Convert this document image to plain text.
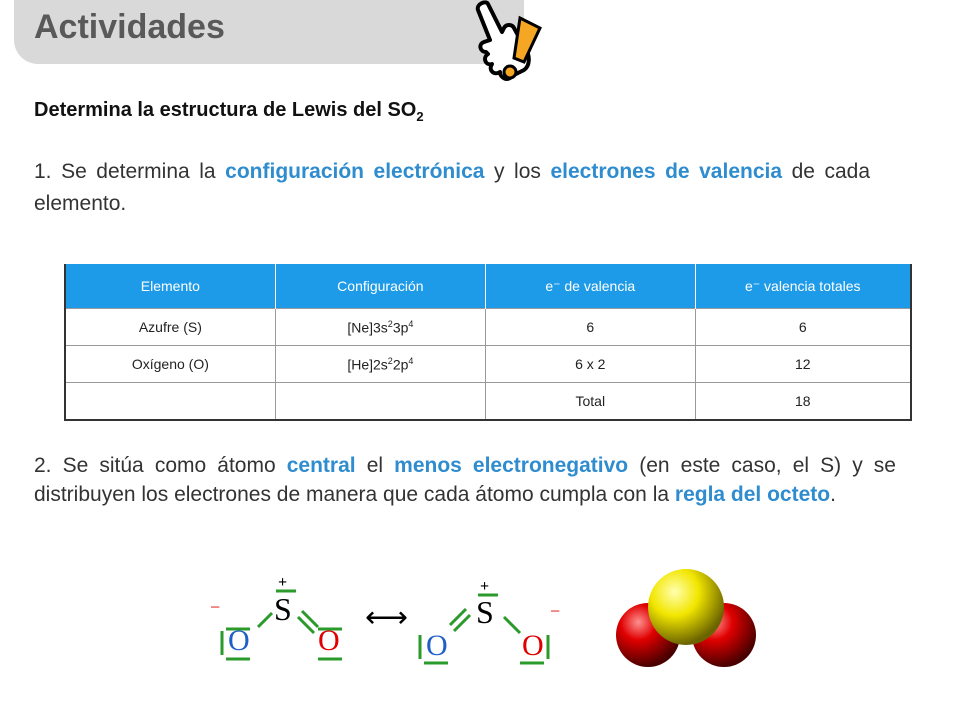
Actividades
Determina la estructura de Lewis del $SO_2$
1. Se determina la configuración electrónica y los electrones de valencia de cada elemento.
Elemento	Configuración	e⁻ de valencia	e⁻ valencia totales
Azufre (S)	$[Ne]3s^23p^4$	6	6
Oxígeno (O)	$[He]2s^22p^4$	6 x 2	12
		Total	18
2. Se sitúa como átomo central el menos electronegativo (en este caso, el S) y se distribuyen los electrones de manera que cada átomo cumpla con la regla del octeto.
−
O
+
S
O
⟷
O
+
S	−
O
